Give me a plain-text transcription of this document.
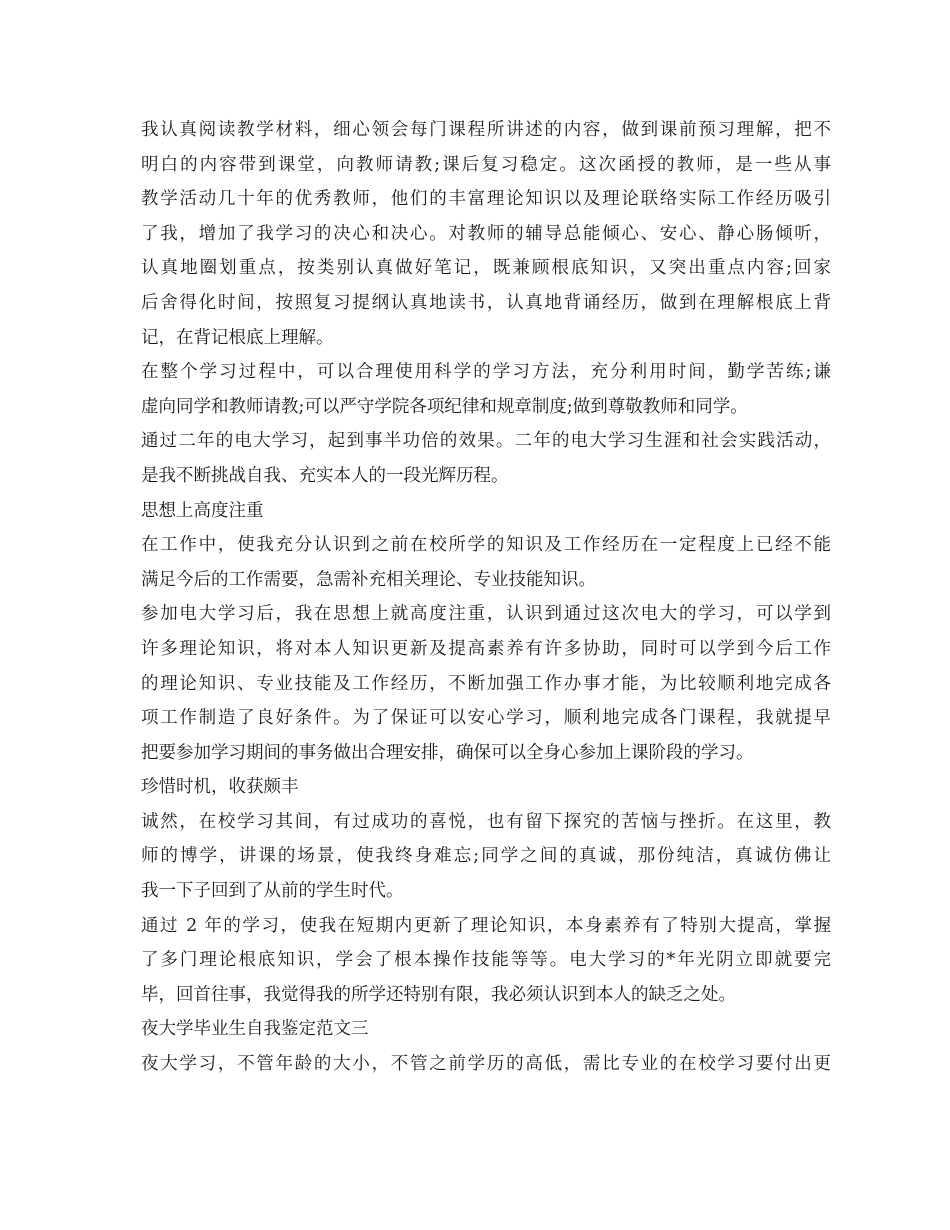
我认真阅读教学材料，细心领会每门课程所讲述的内容，做到课前预习理解，把不
明白的内容带到课堂，向教师请教;课后复习稳定。这次函授的教师，是一些从事
教学活动几十年的优秀教师，他们的丰富理论知识以及理论联络实际工作经历吸引
了我，增加了我学习的决心和决心。对教师的辅导总能倾心、安心、静心肠倾听，
认真地圈划重点，按类别认真做好笔记，既兼顾根底知识，又突出重点内容;回家
后舍得化时间，按照复习提纲认真地读书，认真地背诵经历，做到在理解根底上背
记，在背记根底上理解。
在整个学习过程中，可以合理使用科学的学习方法，充分利用时间，勤学苦练;谦
虚向同学和教师请教;可以严守学院各项纪律和规章制度;做到尊敬教师和同学。
通过二年的电大学习，起到事半功倍的效果。二年的电大学习生涯和社会实践活动，
是我不断挑战自我、充实本人的一段光辉历程。
思想上高度注重
在工作中，使我充分认识到之前在校所学的知识及工作经历在一定程度上已经不能
满足今后的工作需要，急需补充相关理论、专业技能知识。
参加电大学习后，我在思想上就高度注重，认识到通过这次电大的学习，可以学到
许多理论知识，将对本人知识更新及提高素养有许多协助，同时可以学到今后工作
的理论知识、专业技能及工作经历，不断加强工作办事才能，为比较顺利地完成各
项工作制造了良好条件。为了保证可以安心学习，顺利地完成各门课程，我就提早
把要参加学习期间的事务做出合理安排，确保可以全身心参加上课阶段的学习。
珍惜时机，收获颇丰
诚然，在校学习其间，有过成功的喜悦，也有留下探究的苦恼与挫折。在这里，教
师的博学，讲课的场景，使我终身难忘;同学之间的真诚，那份纯洁，真诚仿佛让
我一下子回到了从前的学生时代。
通过 2 年的学习，使我在短期内更新了理论知识，本身素养有了特别大提高，掌握
了多门理论根底知识，学会了根本操作技能等等。电大学习的*年光阴立即就要完
毕，回首往事，我觉得我的所学还特别有限，我必须认识到本人的缺乏之处。
夜大学毕业生自我鉴定范文三
夜大学习，不管年龄的大小，不管之前学历的高低，需比专业的在校学习要付出更
